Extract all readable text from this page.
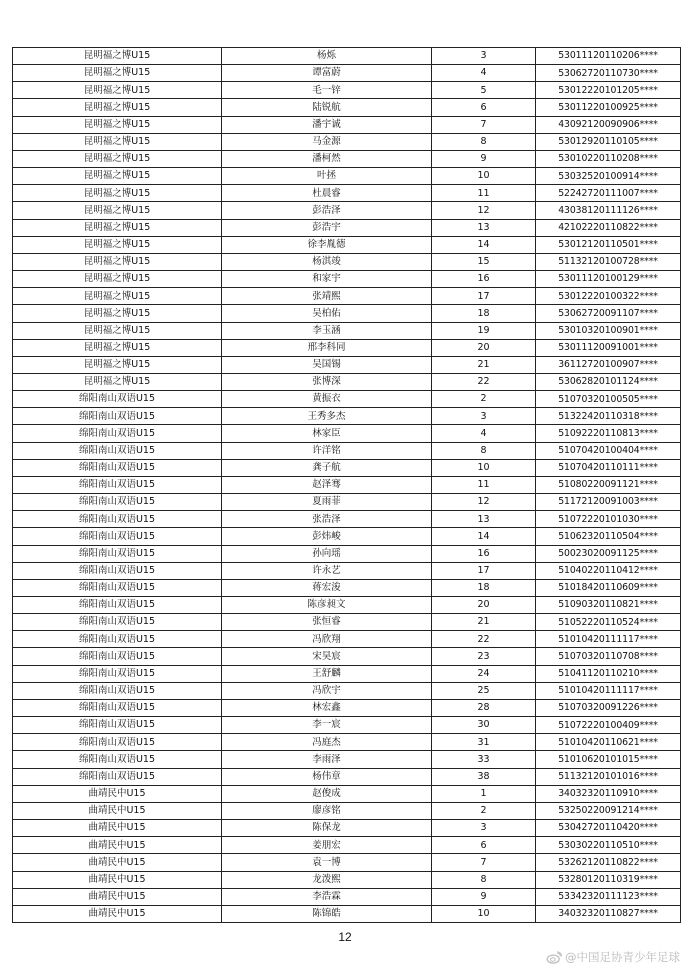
昆明福之博U15	杨烁	3	53011120110206****
昆明福之博U15	谭富蔚	4	53062720110730****
昆明福之博U15	毛一锌	5	53012220101205****
昆明福之博U15	陆锐航	6	53011220100925****
昆明福之博U15	潘宇诚	7	43092120090906****
昆明福之博U15	马金源	8	53012920110105****
昆明福之博U15	潘柯然	9	53010220110208****
昆明福之博U15	叶拯	10	53032520100914****
昆明福之博U15	杜晨睿	11	52242720111007****
昆明福之博U15	彭浩泽	12	43038120111126****
昆明福之博U15	彭浩宇	13	42102220110822****
昆明福之博U15	徐李胤德	14	53012120110501****
昆明福之博U15	杨淇竣	15	51132120100728****
昆明福之博U15	和家宇	16	53011120100129****
昆明福之博U15	张靖熙	17	53012220100322****
昆明福之博U15	吴柏佑	18	53062720091107****
昆明福之博U15	李玉涵	19	53010320100901****
昆明福之博U15	邢李科同	20	53011120091001****
昆明福之博U15	吴国锡	21	36112720100907****
昆明福之博U15	张博深	22	53062820101124****
绵阳南山双语U15	黄振衣	2	51070320100505****
绵阳南山双语U15	王秀多杰	3	51322420110318****
绵阳南山双语U15	林家臣	4	51092220110813****
绵阳南山双语U15	许洋铭	8	51070420100404****
绵阳南山双语U15	龚子航	10	51070420110111****
绵阳南山双语U15	赵泽骞	11	51080220091121****
绵阳南山双语U15	夏雨菲	12	51172120091003****
绵阳南山双语U15	张浩泽	13	51072220101030****
绵阳南山双语U15	彭炜峻	14	51062320110504****
绵阳南山双语U15	孙向瑶	16	50023020091125****
绵阳南山双语U15	许永艺	17	51040220110412****
绵阳南山双语U15	蒋宏浚	18	51018420110609****
绵阳南山双语U15	陈彦昶文	20	51090320110821****
绵阳南山双语U15	张恒睿	21	51052220110524****
绵阳南山双语U15	冯欣翔	22	51010420111117****
绵阳南山双语U15	宋昊宸	23	51070320110708****
绵阳南山双语U15	王舒麟	24	51041120110210****
绵阳南山双语U15	冯欣宇	25	51010420111117****
绵阳南山双语U15	林宏鑫	28	51070320091226****
绵阳南山双语U15	李一宸	30	51072220100409****
绵阳南山双语U15	冯庭杰	31	51010420110621****
绵阳南山双语U15	李雨泽	33	51010620101015****
绵阳南山双语U15	杨伟章	38	51132120101016****
曲靖民中U15	赵俊成	1	34032320110910****
曲靖民中U15	廖彦铭	2	53250220091214****
曲靖民中U15	陈保龙	3	53042720110420****
曲靖民中U15	姜朋宏	6	53030220110510****
曲靖民中U15	袁一博	7	53262120110822****
曲靖民中U15	龙泼熙	8	53280120110319****
曲靖民中U15	李浩霖	9	53342320111123****
曲靖民中U15	陈锦皓	10	34032320110827****
12
@中国足协青少年足球
